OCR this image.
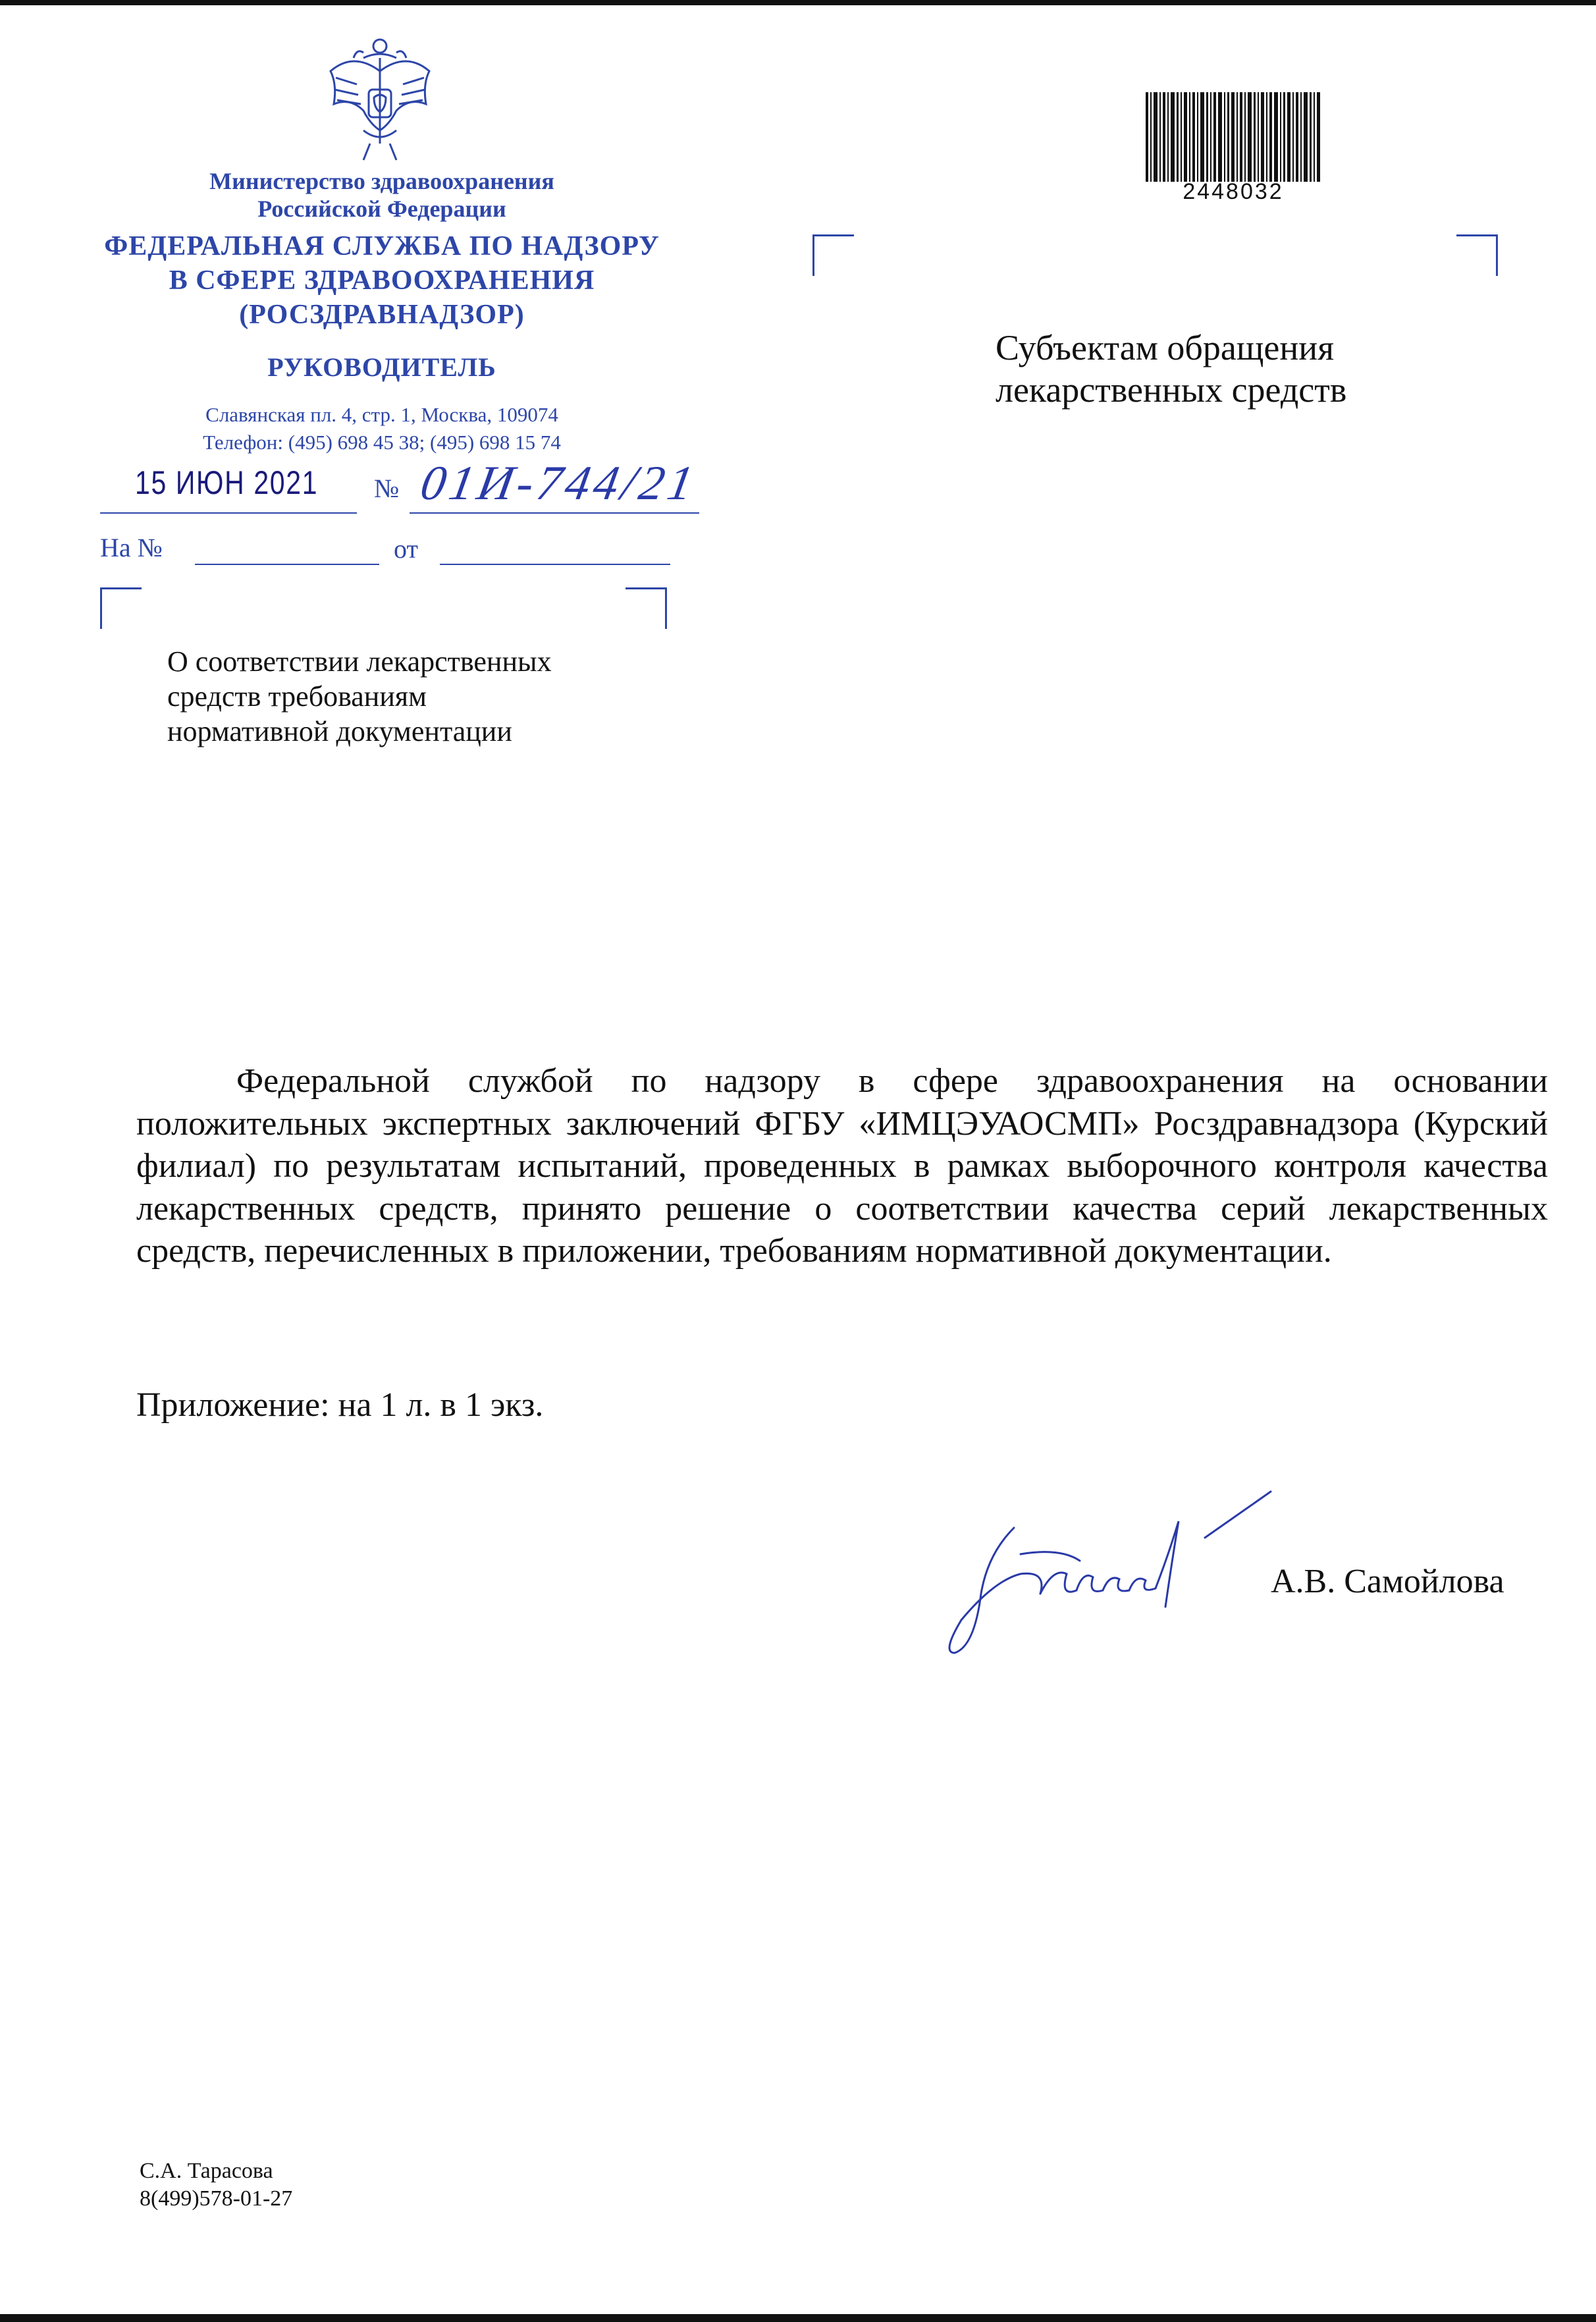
Министерство здравоохранения
Российской Федерации
ФЕДЕРАЛЬНАЯ СЛУЖБА ПО НАДЗОРУ
В СФЕРЕ ЗДРАВООХРАНЕНИЯ
(РОСЗДРАВНАДЗОР)
РУКОВОДИТЕЛЬ
Славянская пл. 4, стр. 1, Москва, 109074
Телефон: (495) 698 45 38; (495) 698 15 74
15 ИЮН 2021 № 01И-744/21
На №	от
О соответствии лекарственных
средств требованиям
нормативной документации
2448032
Субъектам обращения
лекарственных средств
Федеральной службой по надзору в сфере здравоохранения на основании положительных экспертных заключений ФГБУ «ИМЦЭУАОСМП» Росздравнадзора (Курский филиал) по результатам испытаний, проведенных в рамках выборочного контроля качества лекарственных средств, принято решение о соответствии качества серий лекарственных средств, перечисленных в приложении, требованиям нормативной документации.
Приложение: на 1 л. в 1 экз.
А.В. Самойлова
С.А. Тарасова
8(499)578-01-27
